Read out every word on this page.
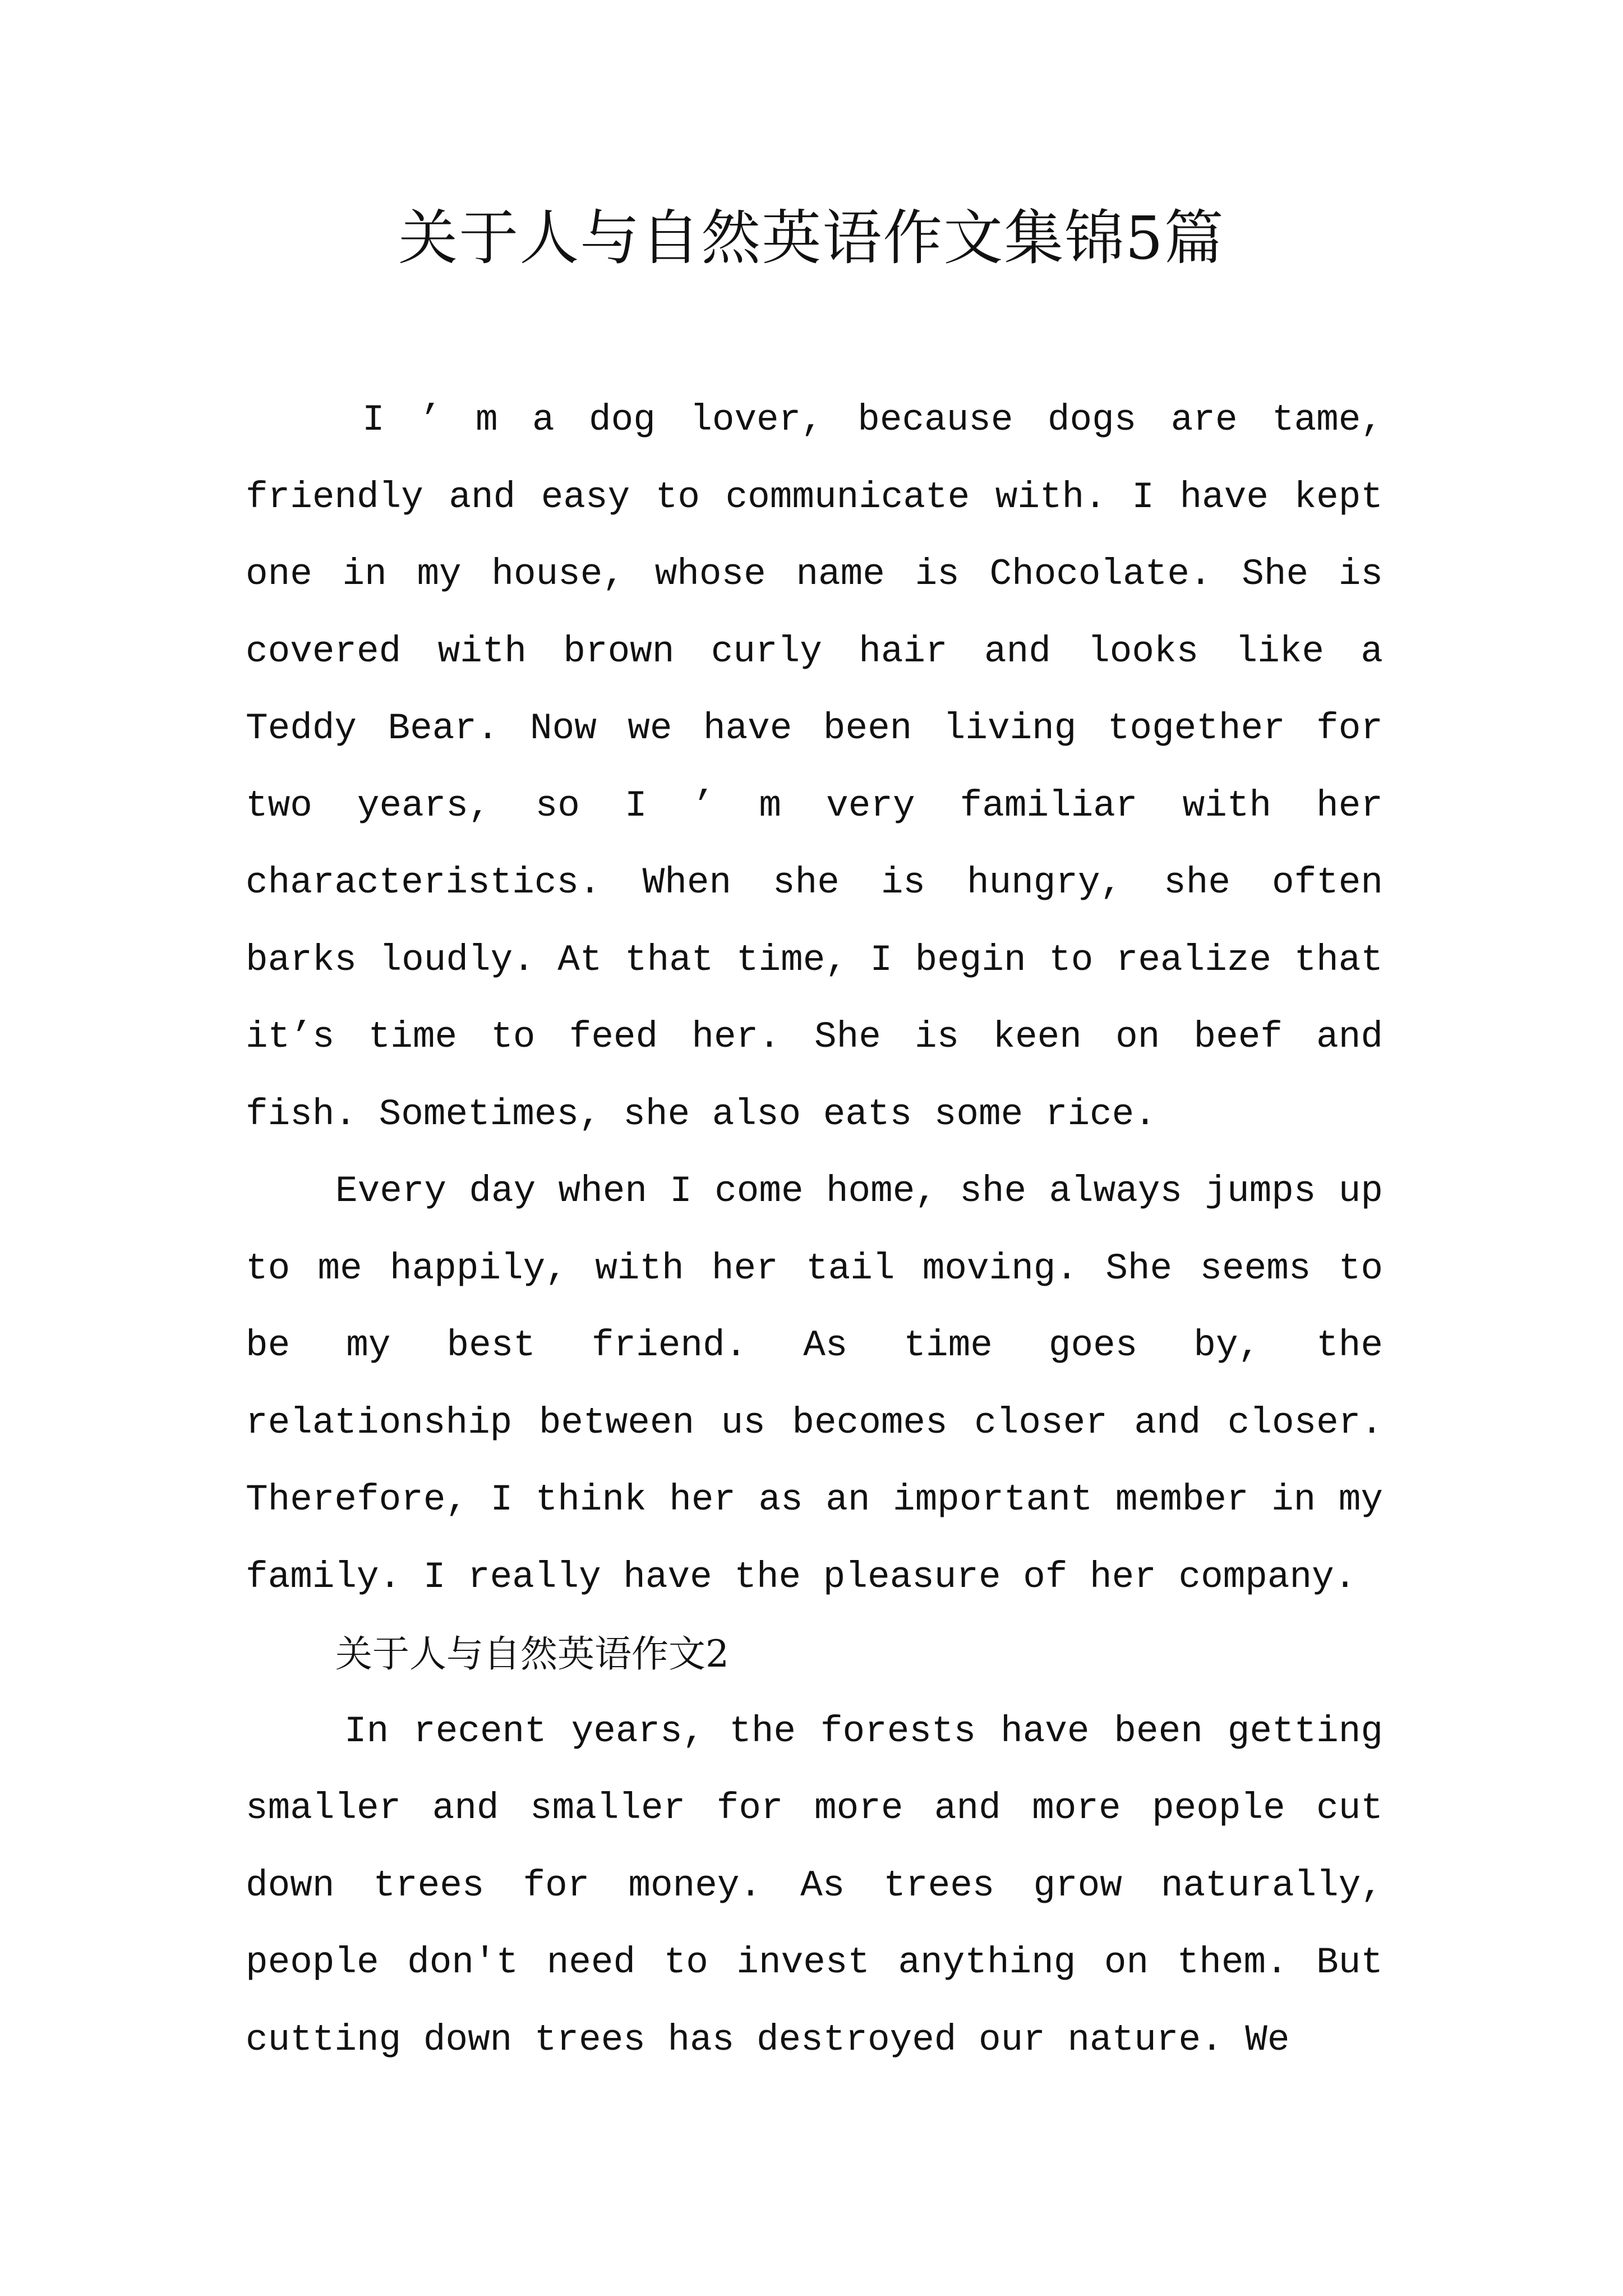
关于人与自然英语作文集锦5篇

I ’ m a dog lover, because dogs are tame, friendly and easy to communicate with. I have kept one in my house, whose name is Chocolate. She is covered with brown curly hair and looks like a Teddy Bear. Now we have been living together for two years, so I ’ m very familiar with her characteristics. When she is hungry, she often barks loudly. At that time, I begin to realize that it’s time to feed her. She is keen on beef and fish. Sometimes, she also eats some rice.

Every day when I come home, she always jumps up to me happily, with her tail moving. She seems to be my best friend. As time goes by, the relationship between us becomes closer and closer. Therefore, I think her as an important member in my family. I really have the pleasure of her company.

关于人与自然英语作文2

In recent years, the forests have been getting smaller and smaller for more and more people cut down trees for money. As trees grow naturally, people don't need to invest anything on them. But cutting down trees has destroyed our nature. We
